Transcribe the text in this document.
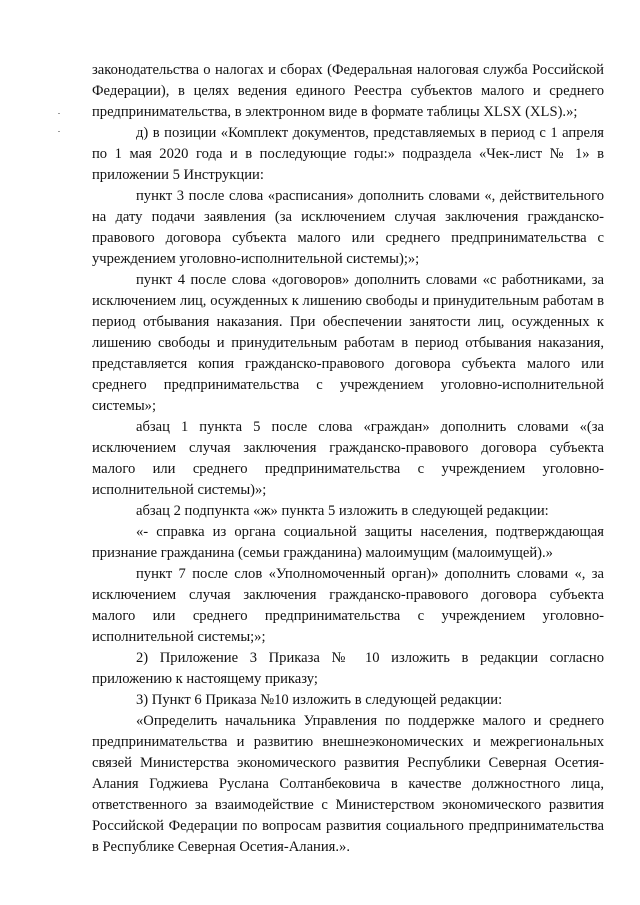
законодательства о налогах и сборах (Федеральная налоговая служба Российской Федерации), в целях ведения единого Реестра субъектов малого и среднего предпринимательства, в электронном виде в формате таблицы XLSX (XLS).»;

д) в позиции «Комплект документов, представляемых в период с 1 апреля по 1 мая 2020 года и в последующие годы:» подраздела «Чек-лист № 1» в приложении 5 Инструкции:

пункт 3 после слова «расписания» дополнить словами «, действительного на дату подачи заявления (за исключением случая заключения гражданско-правового договора субъекта малого или среднего предпринимательства с учреждением уголовно-исполнительной системы);»;

пункт 4 после слова «договоров» дополнить словами «с работниками, за исключением лиц, осужденных к лишению свободы и принудительным работам в период отбывания наказания. При обеспечении занятости лиц, осужденных к лишению свободы и принудительным работам в период отбывания наказания, представляется копия гражданско-правового договора субъекта малого или среднего предпринимательства с учреждением уголовно-исполнительной системы»;

абзац 1 пункта 5 после слова «граждан» дополнить словами «(за исключением случая заключения гражданско-правового договора субъекта малого или среднего предпринимательства с учреждением уголовно-исполнительной системы)»;

абзац 2 подпункта «ж» пункта 5 изложить в следующей редакции:

«- справка из органа социальной защиты населения, подтверждающая признание гражданина (семьи гражданина) малоимущим (малоимущей).»

пункт 7 после слов «Уполномоченный орган)» дополнить словами «, за исключением случая заключения гражданско-правового договора субъекта малого или среднего предпринимательства с учреждением уголовно-исполнительной системы;»;

2) Приложение 3 Приказа № 10 изложить в редакции согласно приложению к настоящему приказу;

3) Пункт 6 Приказа №10 изложить в следующей редакции:

«Определить начальника Управления по поддержке малого и среднего предпринимательства и развитию внешнеэкономических и межрегиональных связей Министерства экономического развития Республики Северная Осетия-Алания Годжиева Руслана Солтанбековича в качестве должностного лица, ответственного за взаимодействие с Министерством экономического развития Российской Федерации по вопросам развития социального предпринимательства в Республике Северная Осетия-Алания.».
